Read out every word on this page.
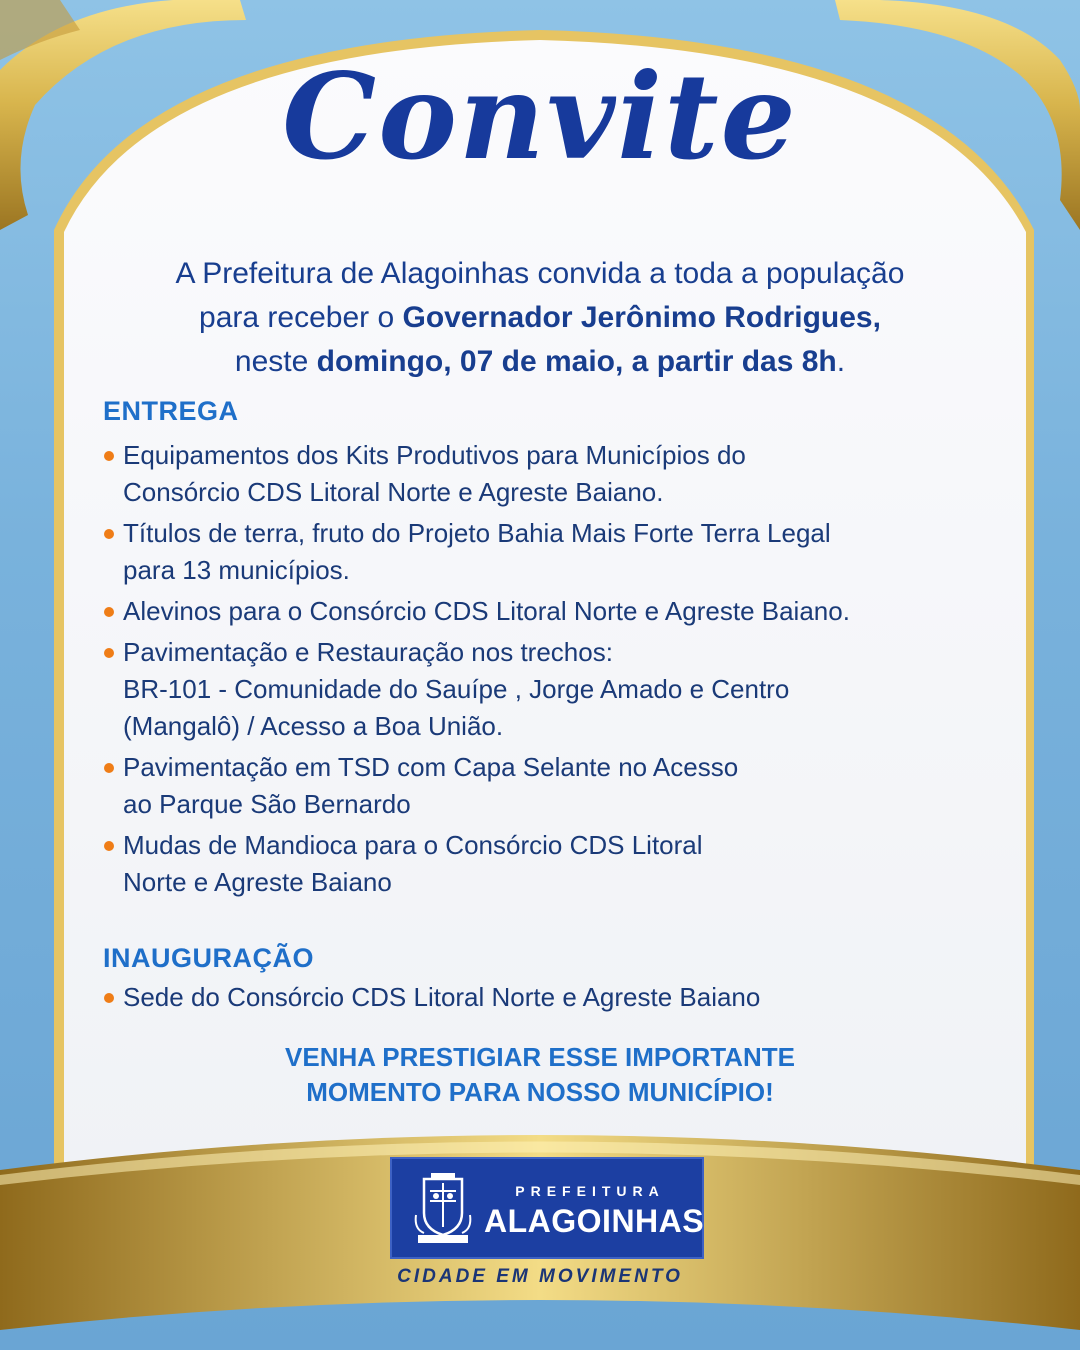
Convite
A Prefeitura de Alagoinhas convida a toda a população
para receber o Governador Jerônimo Rodrigues,
neste domingo, 07 de maio, a partir das 8h.
ENTREGA
Equipamentos dos Kits Produtivos para Municípios do
Consórcio CDS Litoral Norte e Agreste Baiano.
Títulos de terra, fruto do Projeto Bahia Mais Forte Terra Legal
para 13 municípios.
Alevinos para o Consórcio CDS Litoral Norte e Agreste Baiano.
Pavimentação e Restauração nos trechos:
BR-101 - Comunidade do Sauípe , Jorge Amado e Centro
(Mangalô) / Acesso a Boa União.
Pavimentação em TSD com Capa Selante no Acesso
ao Parque São Bernardo
Mudas de Mandioca para o Consórcio CDS Litoral
Norte e Agreste Baiano
INAUGURAÇÃO
Sede do Consórcio CDS Litoral Norte e Agreste Baiano
VENHA PRESTIGIAR ESSE IMPORTANTE
MOMENTO PARA NOSSO MUNICÍPIO!
PREFEITURA
ALAGOINHAS
CIDADE EM MOVIMENTO
